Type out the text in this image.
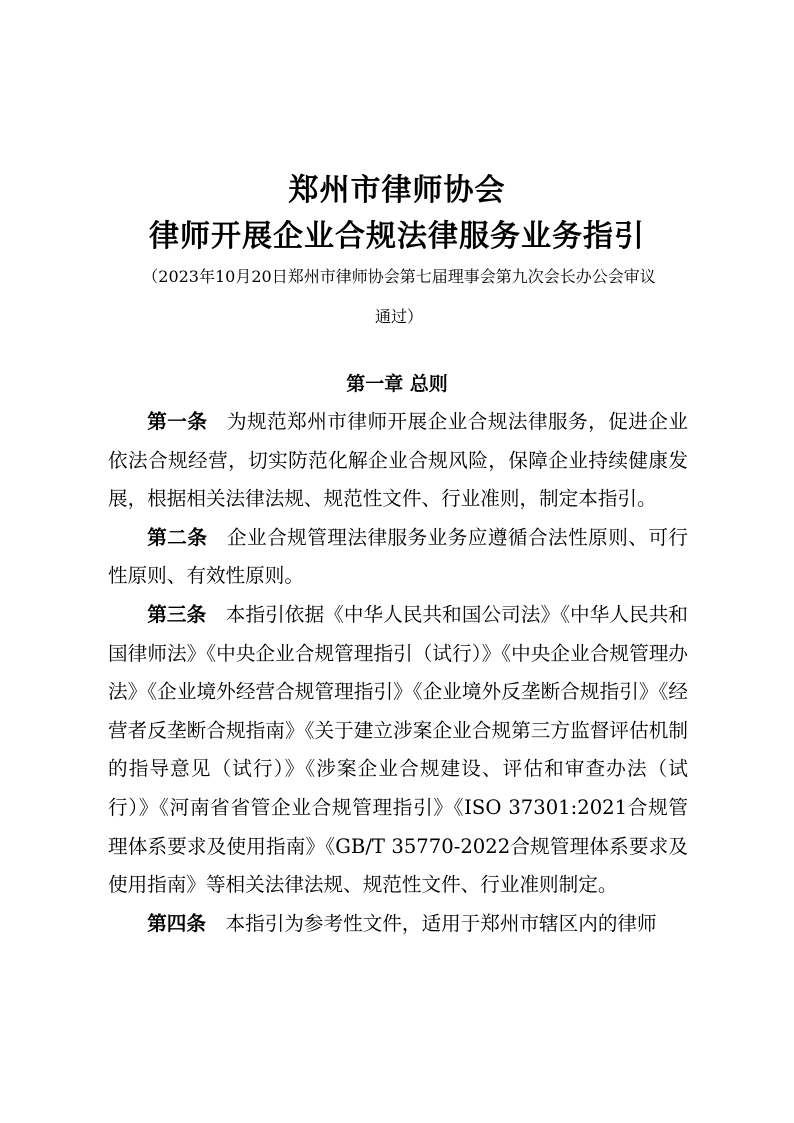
郑州市律师协会
律师开展企业合规法律服务业务指引
（2023年10月20日郑州市律师协会第七届理事会第九次会长办公会审议
通过）
第一章 总则

第一条 为规范郑州市律师开展企业合规法律服务，促进企业依法合规经营，切实防范化解企业合规风险，保障企业持续健康发展，根据相关法律法规、规范性文件、行业准则，制定本指引。

第二条 企业合规管理法律服务业务应遵循合法性原则、可行性原则、有效性原则。

第三条 本指引依据《中华人民共和国公司法》《中华人民共和国律师法》《中央企业合规管理指引（试行）》《中央企业合规管理办法》《企业境外经营合规管理指引》《企业境外反垄断合规指引》《经营者反垄断合规指南》《关于建立涉案企业合规第三方监督评估机制的指导意见（试行）》《涉案企业合规建设、评估和审查办法（试行）》《河南省省管企业合规管理指引》《ISO 37301:2021合规管理体系要求及使用指南》《GB/T 35770-2022合规管理体系要求及使用指南》等相关法律法规、规范性文件、行业准则制定。

第四条 本指引为参考性文件，适用于郑州市辖区内的律师
